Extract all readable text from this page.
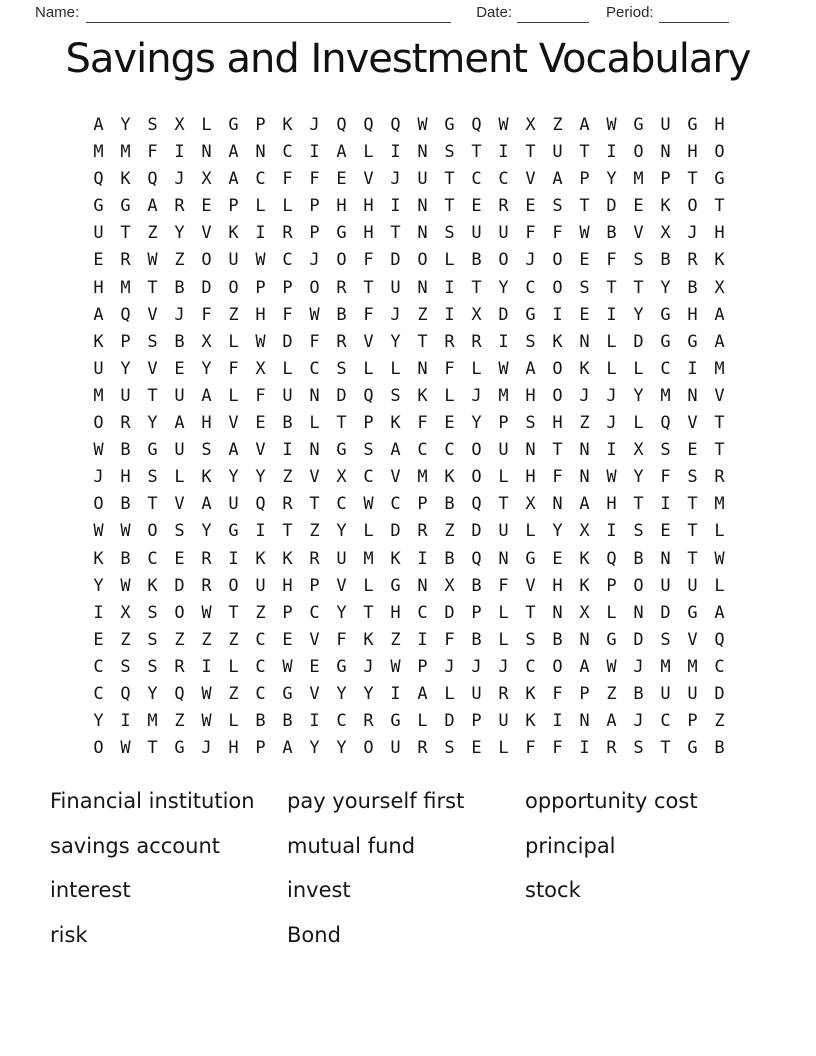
Name:	Date:	Period:
Savings and Investment Vocabulary
A Y S X L G P K J Q Q Q W G Q W X Z A W G U G H
M M F I N A N C I A L I N S T I T U T I O N H O
Q K Q J X A C F F E V J U T C C V A P Y M P T G
G G A R E P L L P H H I N T E R E S T D E K O T
U T Z Y V K I R P G H T N S U U F F W B V X J H
E R W Z O U W C J O F D O L B O J O E F S B R K
H M T B D O P P O R T U N I T Y C O S T T Y B X
A Q V J F Z H F W B F J Z I X D G I E I Y G H A
K P S B X L W D F R V Y T R R I S K N L D G G A
U Y V E Y F X L C S L L N F L W A O K L L C I M
M U T U A L F U N D Q S K L J M H O J J Y M N V
O R Y A H V E B L T P K F E Y P S H Z J L Q V T
W B G U S A V I N G S A C C O U N T N I X S E T
J H S L K Y Y Z V X C V M K O L H F N W Y F S R
O B T V A U Q R T C W C P B Q T X N A H T I T M
W W O S Y G I T Z Y L D R Z D U L Y X I S E T L
K B C E R I K K R U M K I B Q N G E K Q B N T W
Y W K D R O U H P V L G N X B F V H K P O U U L
I X S O W T Z P C Y T H C D P L T N X L N D G A
E Z S Z Z Z C E V F K Z I F B L S B N G D S V Q
C S S R I L C W E G J W P J J J C O A W J M M C
C Q Y Q W Z C G V Y Y I A L U R K F P Z B U U D
Y I M Z W L B B I C R G L D P U K I N A J C P Z
O W T G J H P A Y Y O U R S E L F F I R S T G B
Financial institution
savings account
interest
risk
pay yourself first
mutual fund
invest
Bond
opportunity cost
principal
stock
